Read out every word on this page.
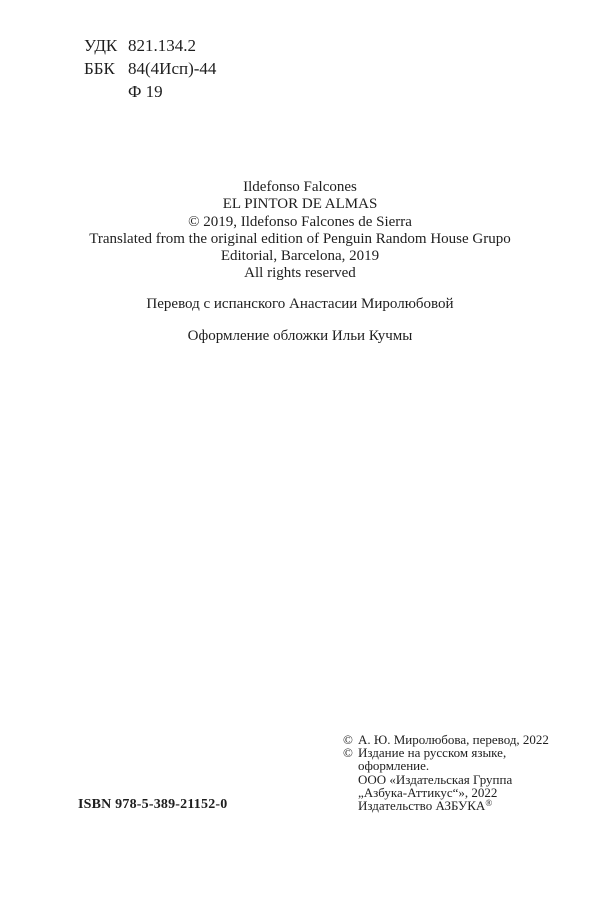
УДК 821.134.2
ББК 84(4Исп)-44
Ф 19
Ildefonso Falcones
EL PINTOR DE ALMAS
© 2019, Ildefonso Falcones de Sierra
Translated from the original edition of Penguin Random House Grupo
Editorial, Barcelona, 2019
All rights reserved
Перевод с испанского Анастасии Миролюбовой
Оформление обложки Ильи Кучмы
© А. Ю. Миролюбова, перевод, 2022
© Издание на русском языке,
оформление.
ООО «Издательская Группа
„Азбука-Аттикус“», 2022
Издательство АЗБУКА®
ISBN 978-5-389-21152-0
